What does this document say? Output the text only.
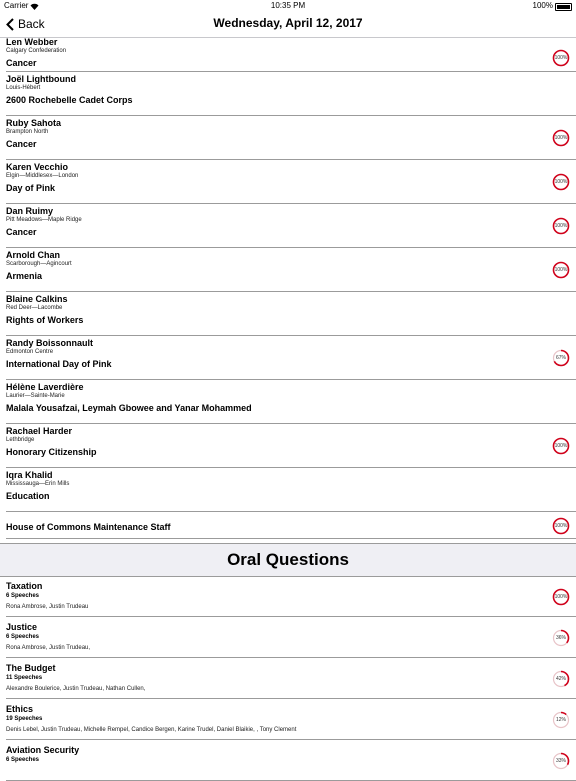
Carrier	10:35 PM	100%
Back	Wednesday, April 12, 2017
Len Webber
Calgary Confederation
Cancer	100%
Joël Lightbound
Louis-Hébert
2600 Rochebelle Cadet Corps
Ruby Sahota
Brampton North
Cancer
100%
Karen Vecchio
Elgin—Middlesex—London
Day of Pink
100%
Dan Ruimy
Pitt Meadows—Maple Ridge
Cancer
100%
Arnold Chan
Scarborough—Agincourt
Armenia
100%
Blaine Calkins
Red Deer—Lacombe
Rights of Workers
Randy Boissonnault
Edmonton Centre
International Day of Pink
67%
Hélène Laverdière
Laurier—Sainte-Marie
Malala Yousafzai, Leymah Gbowee and Yanar Mohammed
Rachael Harder
Lethbridge
Honorary Citizenship
100%
Iqra Khalid
Mississauga—Erin Mills
Education
House of Commons Maintenance Staff	100%
Oral Questions
Taxation
6 Speeches
Rona Ambrose, Justin Trudeau
100%
Justice
6 Speeches
Rona Ambrose, Justin Trudeau,
36%
The Budget
11 Speeches
Alexandre Boulerice, Justin Trudeau, Nathan Cullen,
42%
Ethics
19 Speeches
Denis Lebel, Justin Trudeau, Michelle Rempel, Candice Bergen, Karine Trudel, Daniel Blaikie, , Tony Clement
12%
Aviation Security
6 Speeches	33%
